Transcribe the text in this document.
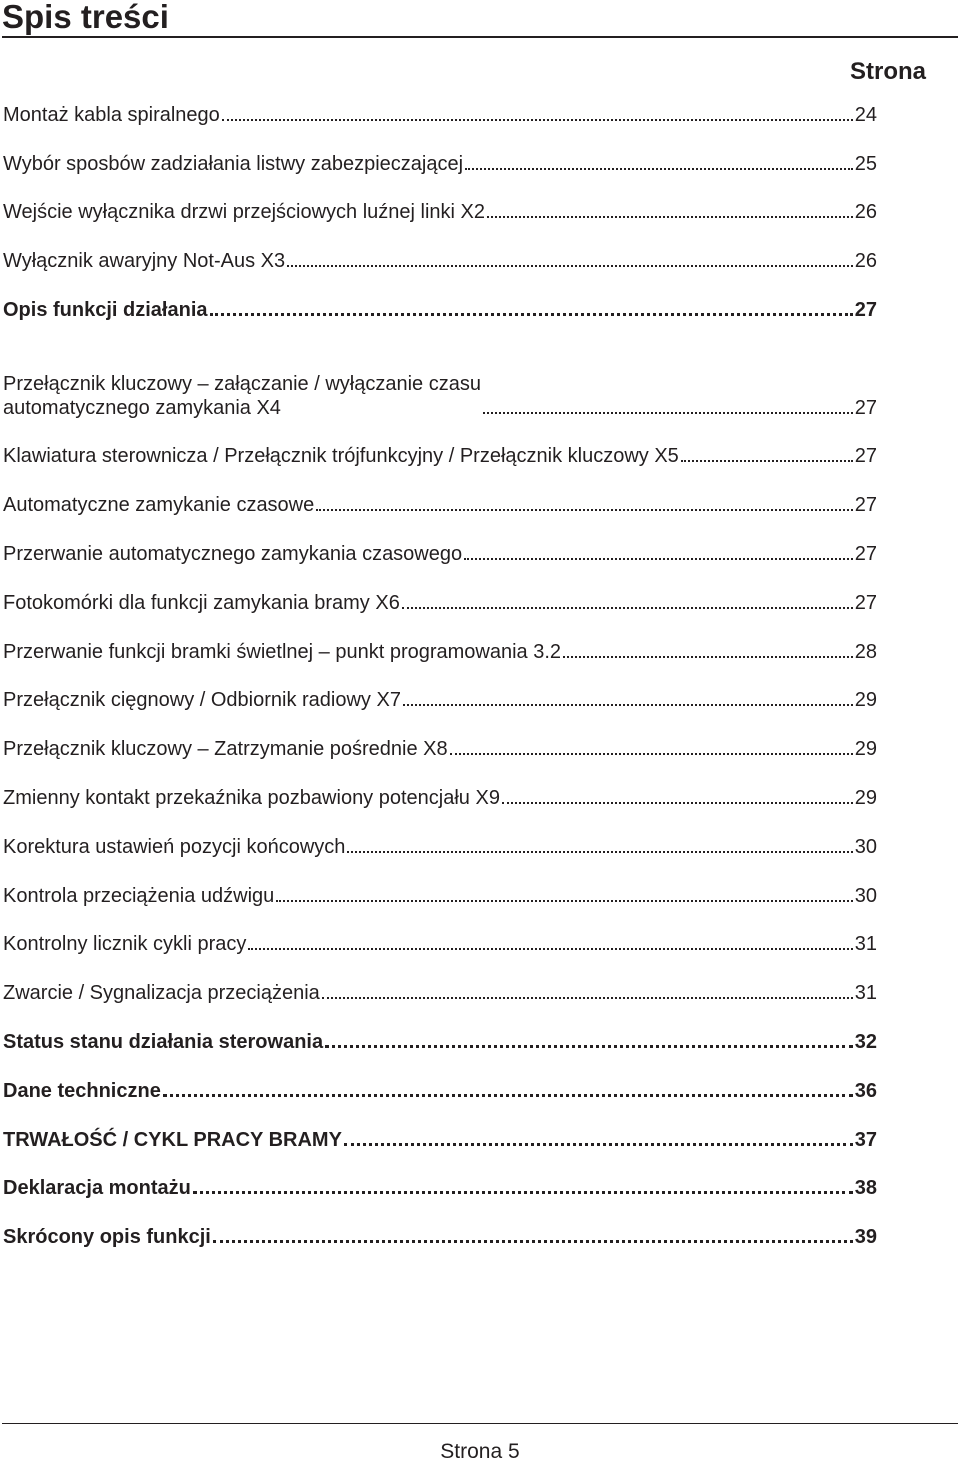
Spis treści
Strona
Montaż kabla spiralnego	24
Wybór sposbów zadziałania listwy zabezpieczającej	25
Wejście wyłącznika drzwi przejściowych luźnej linki X2	26
Wyłącznik awaryjny Not-Aus X3	26
Opis funkcji działania	27
Przełącznik kluczowy – załączanie / wyłączanie czasu
automatycznego zamykania X4	27
Klawiatura sterownicza / Przełącznik trójfunkcyjny / Przełącznik kluczowy X5	27
Automatyczne zamykanie czasowe	27
Przerwanie automatycznego zamykania czasowego	27
Fotokomórki dla funkcji zamykania bramy X6	27
Przerwanie funkcji bramki świetlnej – punkt programowania 3.2	28
Przełącznik cięgnowy / Odbiornik radiowy X7	29
Przełącznik kluczowy – Zatrzymanie pośrednie X8	29
Zmienny kontakt przekaźnika pozbawiony potencjału X9	29
Korektura ustawień pozycji końcowych	30
Kontrola przeciążenia udźwigu	30
Kontrolny licznik cykli pracy	31
Zwarcie / Sygnalizacja przeciążenia	31
Status stanu działania sterowania	32
Dane techniczne	36
TRWAŁOŚĆ / CYKL PRACY BRAMY	37
Deklaracja montażu	38
Skrócony opis funkcji	39
Strona 5
